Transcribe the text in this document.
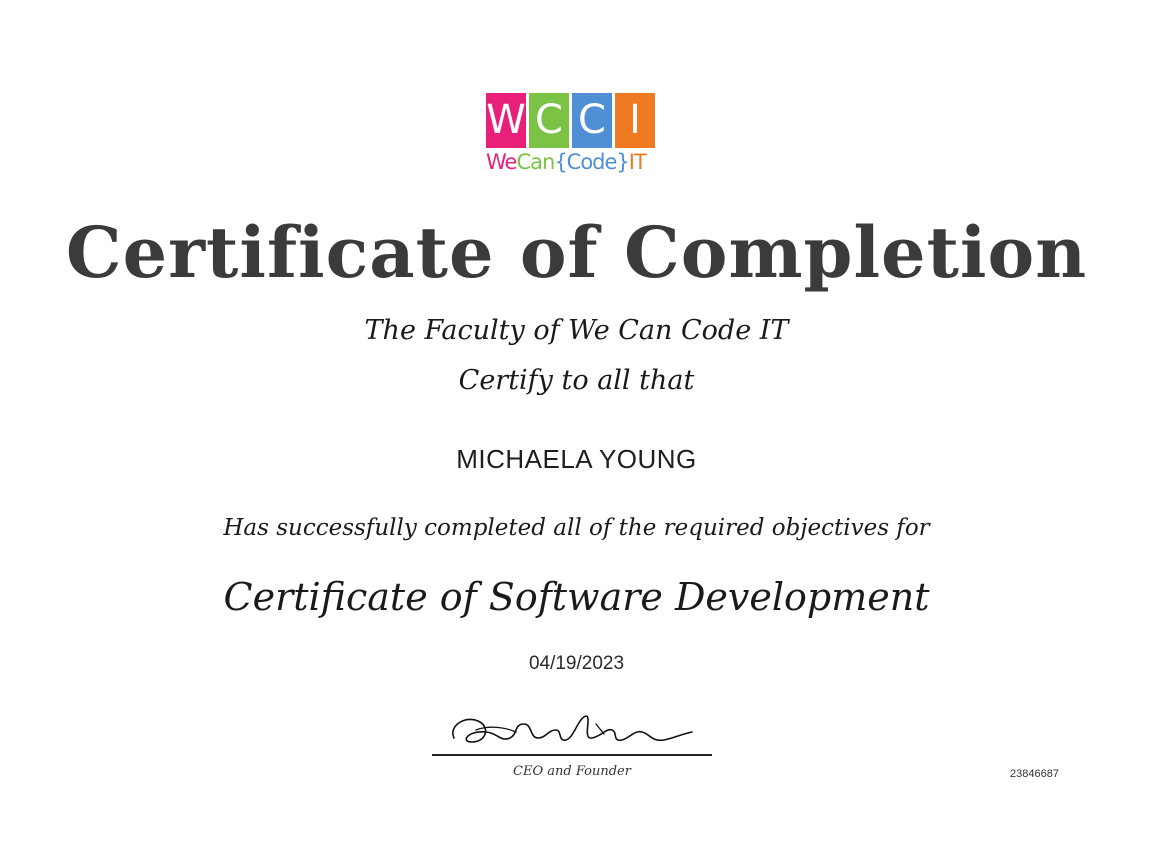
W C C I
WeCan{Code}IT
Certificate of Completion
The Faculty of We Can Code IT
Certify to all that
MICHAELA YOUNG
Has successfully completed all of the required objectives for
Certificate of Software Development
04/19/2023
CEO and Founder	23846687
